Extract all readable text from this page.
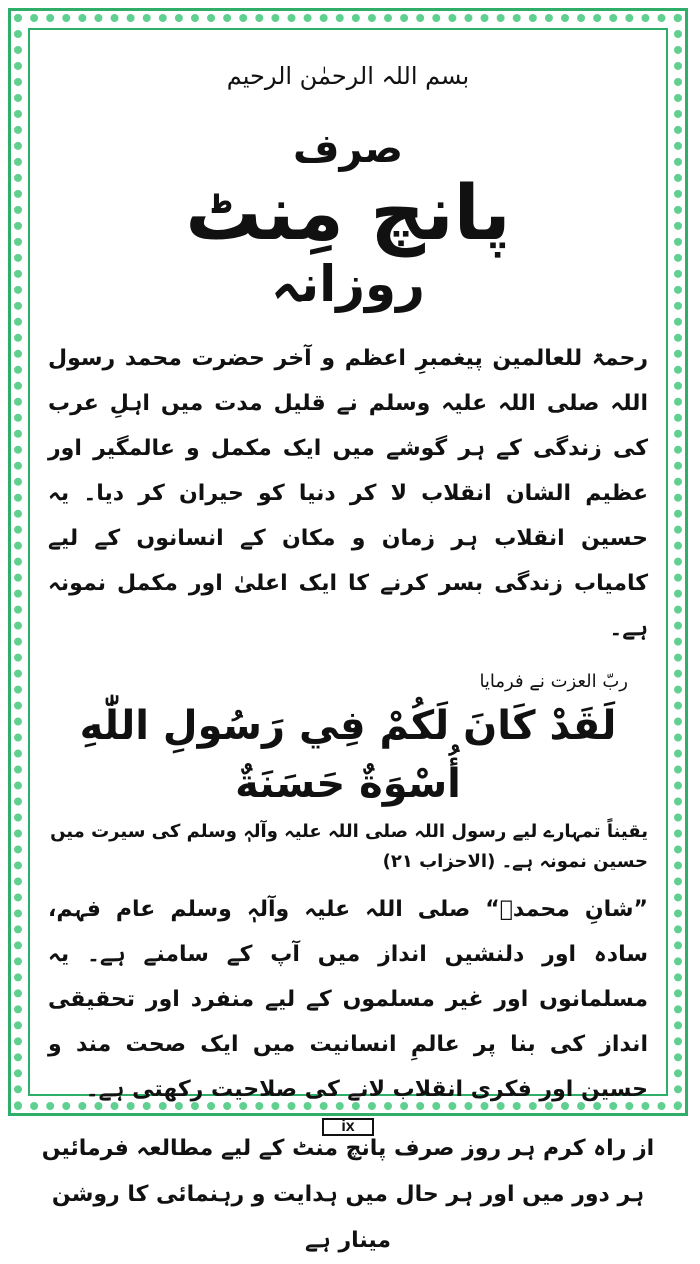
بسم اللہ الرحمٰن الرحیم
صرف
پانچ مِنٹ
روزانہ
رحمۃ للعالمین پیغمبرِ اعظم و آخر حضرت محمد رسول اللہ صلی اللہ علیہ وسلم نے قلیل مدت میں اہلِ عرب کی زندگی کے ہر گوشے میں ایک مکمل و عالمگیر اور عظیم الشان انقلاب لا کر دنیا کو حیران کر دیا۔ یہ حسین انقلاب ہر زمان و مکان کے انسانوں کے لیے کامیاب زندگی بسر کرنے کا ایک اعلیٰ اور مکمل نمونہ ہے۔
ربّ العزت نے فرمایا
لَقَدْ كَانَ لَكُمْ فِي رَسُولِ اللّٰهِ أُسْوَةٌ حَسَنَةٌ
یقیناً تمہارے لیے رسول اللہ صلی اللہ علیہ وآلہٖ وسلم کی سیرت میں حسین نمونہ ہے۔ (الاحزاب ۲۱)
”شانِ محمدؐ“ صلی اللہ علیہ وآلہٖ وسلم عام فہم، سادہ اور دلنشیں انداز میں آپ کے سامنے ہے۔ یہ مسلمانوں اور غیر مسلموں کے لیے منفرد اور تحقیقی انداز کی بنا پر عالمِ انسانیت میں ایک صحت مند و حسین اور فکری انقلاب لانے کی صلاحیت رکھتی ہے۔
از راہ کرم ہر روز صرف پانچ منٹ کے لیے مطالعہ فرمائیں
ہر دور میں اور ہر حال میں ہدایت و رہنمائی کا روشن مینار ہے
ix
